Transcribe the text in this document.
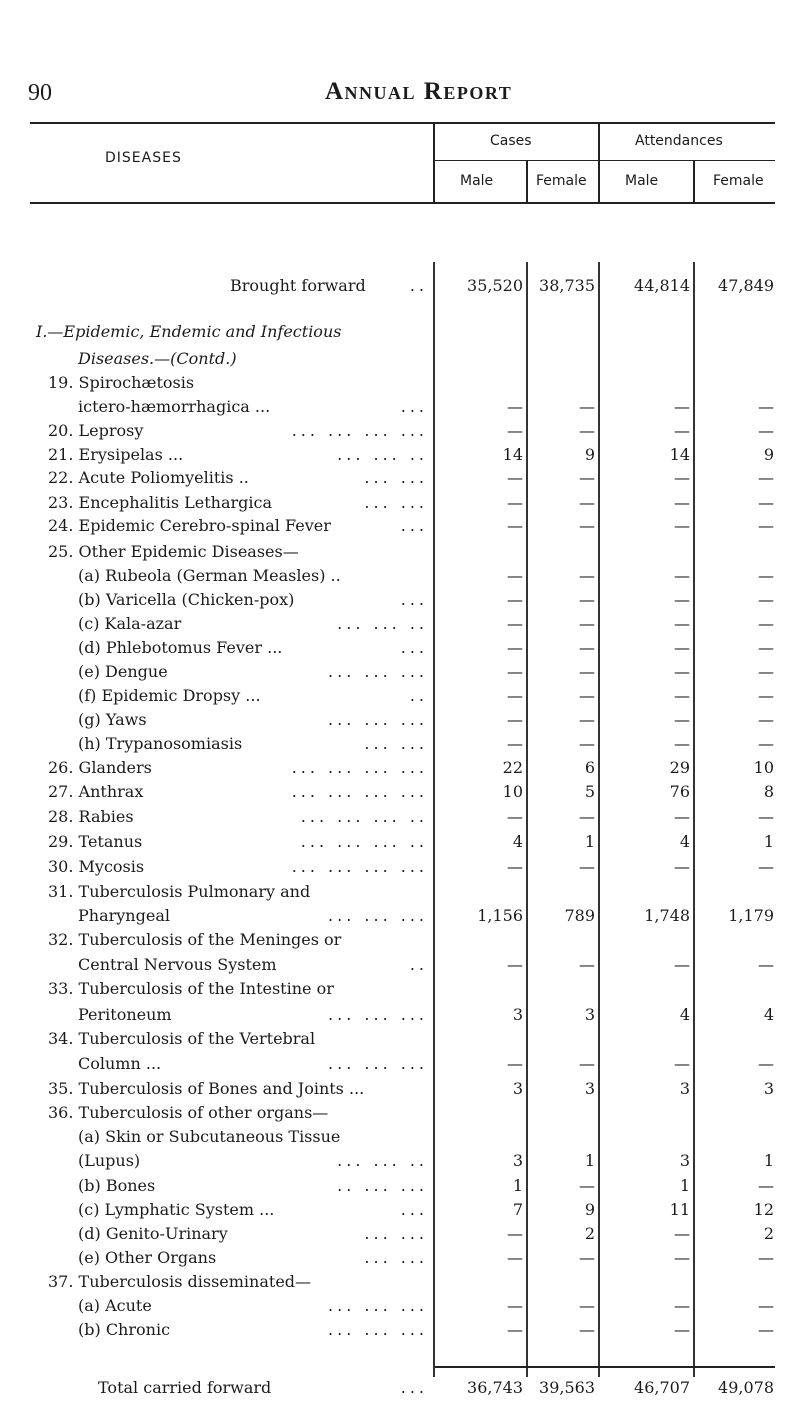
90	Annual Report
DISEASES
Cases	Attendances
Male	Female	Male	Female
Brought forward	.. 35,520 38,735 44,814 47,849
I.—Epidemic, Endemic and Infectious
Diseases.—(Contd.)
19. Spirochætosis
ictero-hæmorrhagica ...	...	—	—	—	—
20. Leprosy	... ... ... ...	—	—	—	—
21. Erysipelas ...	... ... ..	14	9	14	9
22. Acute Poliomyelitis ..	... ...	—	—	—	—
23. Encephalitis Lethargica	... ...	—	—	—	—
24. Epidemic Cerebro-spinal Fever	...	—	—	—	—
25. Other Epidemic Diseases—
(a) Rubeola (German Measles) ..	—	—	—	—
(b) Varicella (Chicken-pox)	...	—	—	—	—
(c) Kala-azar	... ... ..	—	—	—	—
(d) Phlebotomus Fever ...	...	—	—	—	—
(e) Dengue	... ... ...	—	—	—	—
(f) Epidemic Dropsy ...	..	—	—	—	—
(g) Yaws	... ... ...	—	—	—	—
(h) Trypanosomiasis	... ...	—	—	—	—
26. Glanders	... ... ... ...	22	6	29	10
27. Anthrax	... ... ... ...	10	5	76	8
28. Rabies	... ... ... ..	—	—	—	—
29. Tetanus	... ... ... ..	4	1	4	1
30. Mycosis	... ... ... ...	—	—	—	—
31. Tuberculosis Pulmonary and
Pharyngeal	... ... ...	1,156	789	1,748 1,179
32. Tuberculosis of the Meninges or
Central Nervous System	..	—	—	—	—
33. Tuberculosis of the Intestine or
Peritoneum	... ... ...	3	3	4	4
34. Tuberculosis of the Vertebral
Column ...	... ... ...	—	—	—	—
35. Tuberculosis of Bones and Joints ...	3	3	3	3
36. Tuberculosis of other organs—
(a) Skin or Subcutaneous Tissue
(Lupus)	... ... ..	3	1	3	1
(b) Bones	.. ... ...	1	—	1	—
(c) Lymphatic System ...	...	7	9	11	12
(d) Genito-Urinary	... ...	—	2	—	2
(e) Other Organs	... ...	—	—	—	—
37. Tuberculosis disseminated—
(a) Acute	... ... ...	—	—	—	—
(b) Chronic	... ... ...	—	—	—	—
Total carried forward	... 36,743 39,563 46,707 49,078
